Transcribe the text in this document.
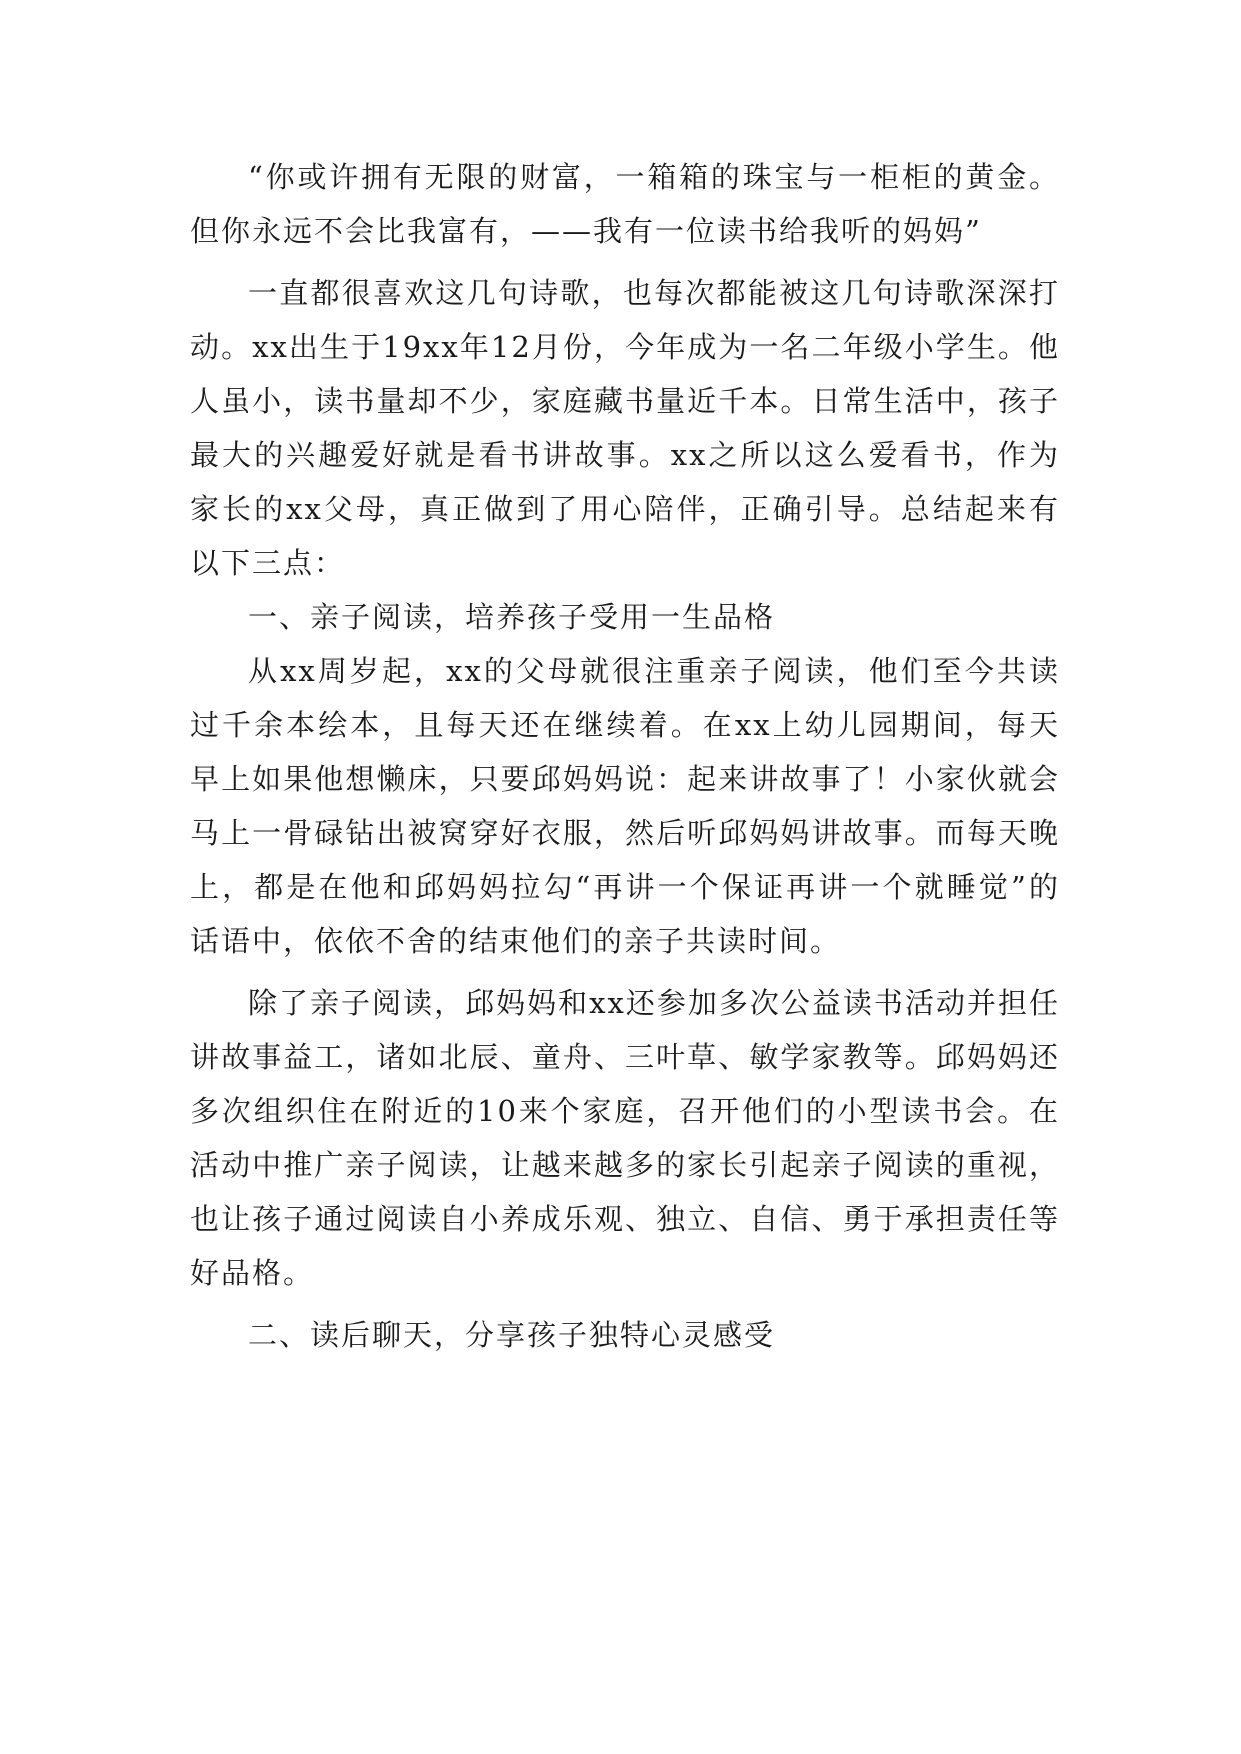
“你或许拥有无限的财富，一箱箱的珠宝与一柜柜的黄金。但你永远不会比我富有，——我有一位读书给我听的妈妈”

一直都很喜欢这几句诗歌，也每次都能被这几句诗歌深深打动。xx出生于19xx年12月份，今年成为一名二年级小学生。他人虽小，读书量却不少，家庭藏书量近千本。日常生活中，孩子最大的兴趣爱好就是看书讲故事。xx之所以这么爱看书，作为家长的xx父母，真正做到了用心陪伴，正确引导。总结起来有以下三点：

一、亲子阅读，培养孩子受用一生品格

从xx周岁起，xx的父母就很注重亲子阅读，他们至今共读过千余本绘本，且每天还在继续着。在xx上幼儿园期间，每天早上如果他想懒床，只要邱妈妈说：起来讲故事了！小家伙就会马上一骨碌钻出被窝穿好衣服，然后听邱妈妈讲故事。而每天晚上，都是在他和邱妈妈拉勾“再讲一个保证再讲一个就睡觉”的话语中，依依不舍的结束他们的亲子共读时间。

除了亲子阅读，邱妈妈和xx还参加多次公益读书活动并担任讲故事益工，诸如北辰、童舟、三叶草、敏学家教等。邱妈妈还多次组织住在附近的10来个家庭，召开他们的小型读书会。在活动中推广亲子阅读，让越来越多的家长引起亲子阅读的重视，也让孩子通过阅读自小养成乐观、独立、自信、勇于承担责任等好品格。

二、读后聊天，分享孩子独特心灵感受
